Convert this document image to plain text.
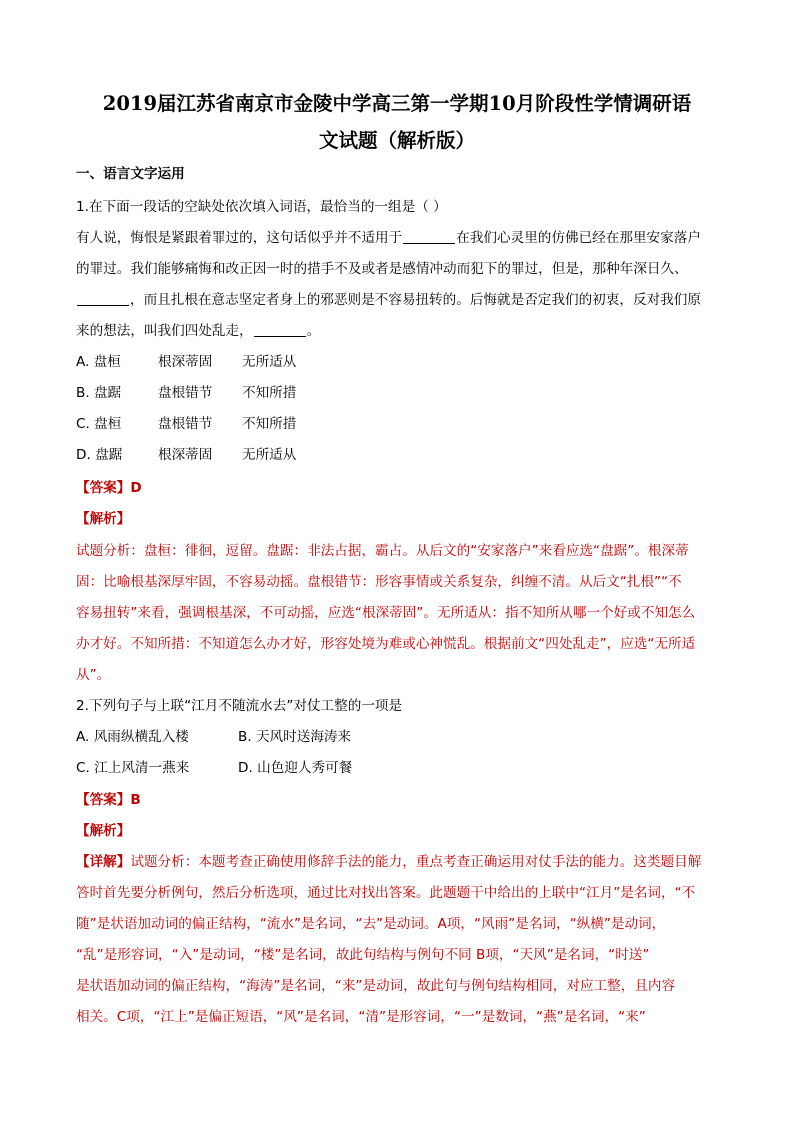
2019届江苏省南京市金陵中学高三第一学期10月阶段性学情调研语
文试题（解析版）
一、语言文字运用
1.在下面一段话的空缺处依次填入词语，最恰当的一组是（ ）
有人说，悔恨是紧跟着罪过的，这句话似乎并不适用于	在我们心灵里的仿佛已经在那里安家落户
的罪过。我们能够痛悔和改正因一时的措手不及或者是感情冲动而犯下的罪过，但是，那种年深日久、
，而且扎根在意志坚定者身上的邪恶则是不容易扭转的。后悔就是否定我们的初衷，反对我们原
来的想法，叫我们四处乱走，	。
A. 盘桓	根深蒂固 无所适从
B. 盘踞	盘根错节 不知所措
C. 盘桓	盘根错节 不知所措
D. 盘踞	根深蒂固 无所适从
【答案】D
【解析】
试题分析：盘桓：徘徊，逗留。盘踞：非法占据，霸占。从后文的“安家落户”来看应选“盘踞”。根深蒂
固：比喻根基深厚牢固，不容易动摇。盘根错节：形容事情或关系复杂，纠缠不清。从后文“扎根”“不
容易扭转”来看，强调根基深，不可动摇，应选“根深蒂固”。无所适从：指不知所从哪一个好或不知怎么
办才好。不知所措：不知道怎么办才好，形容处境为难或心神慌乱。根据前文“四处乱走”，应选“无所适
从”。
2.下列句子与上联“江月不随流水去”对仗工整的一项是
A. 风雨纵横乱入楼	B. 天风时送海涛来
C. 江上风清一燕来	D. 山色迎人秀可餐
【答案】B
【解析】
【详解】试题分析：本题考查正确使用修辞手法的能力，重点考查正确运用对仗手法的能力。这类题目解
答时首先要分析例句，然后分析选项，通过比对找出答案。此题题干中给出的上联中“江月”是名词，“不
随”是状语加动词的偏正结构，“流水”是名词，“去”是动词。A项，“风雨”是名词，“纵横”是动词，
“乱”是形容词，“入”是动词，“楼”是名词，故此句结构与例句不同 B项，“天风”是名词，“时送”
是状语加动词的偏正结构，“海涛”是名词，“来”是动词，故此句与例句结构相同，对应工整，且内容
相关。C项，“江上”是偏正短语，“风”是名词，“清”是形容词，“一”是数词，“燕”是名词，“来”
